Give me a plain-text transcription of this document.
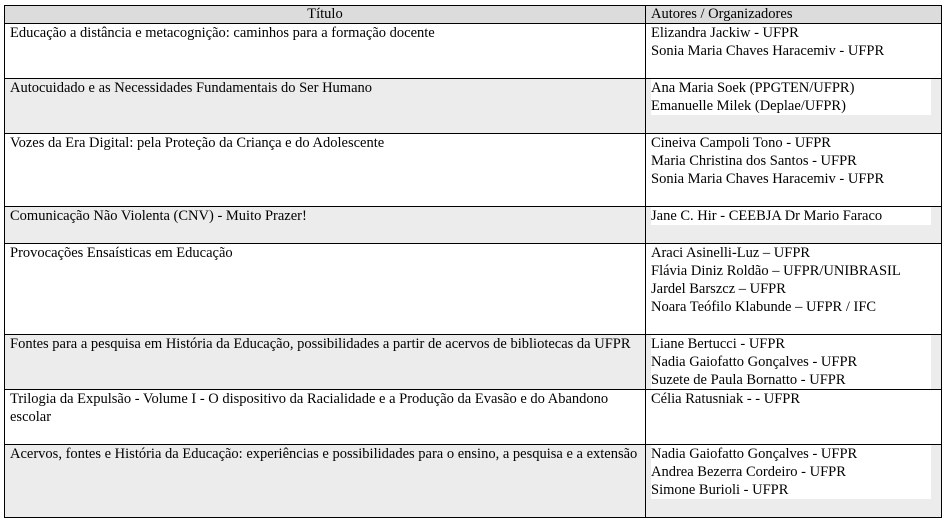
Título	Autores / Organizadores
Educação a distância e metacognição: caminhos para a formação docente	Elizandra Jackiw - UFPR
Sonia Maria Chaves Haracemiv - UFPR

Autocuidado e as Necessidades Fundamentais do Ser Humano	Ana Maria Soek (PPGTEN/UFPR)
Emanuelle Milek (Deplae/UFPR)

Vozes da Era Digital: pela Proteção da Criança e do Adolescente	Cineiva Campoli Tono - UFPR
Maria Christina dos Santos - UFPR
Sonia Maria Chaves Haracemiv - UFPR

Comunicação Não Violenta (CNV) - Muito Prazer!	Jane C. Hir - CEEBJA Dr Mario Faraco

Provocações Ensaísticas em Educação	Araci Asinelli-Luz – UFPR
Flávia Diniz Roldão – UFPR/UNIBRASIL
Jardel Barszcz – UFPR
Noara Teófilo Klabunde – UFPR / IFC

Fontes para a pesquisa em História da Educação, possibilidades a partir de acervos de bibliotecas da UFPR	Liane Bertucci - UFPR
Nadia Gaiofatto Gonçalves - UFPR
Suzete de Paula Bornatto - UFPR

Trilogia da Expulsão - Volume I - O dispositivo da Racialidade e a Produção da Evasão e do Abandono escolar	Célia Ratusniak - - UFPR

Acervos, fontes e História da Educação: experiências e possibilidades para o ensino, a pesquisa e a extensão	Nadia Gaiofatto Gonçalves - UFPR
Andrea Bezerra Cordeiro - UFPR
Simone Burioli - UFPR
